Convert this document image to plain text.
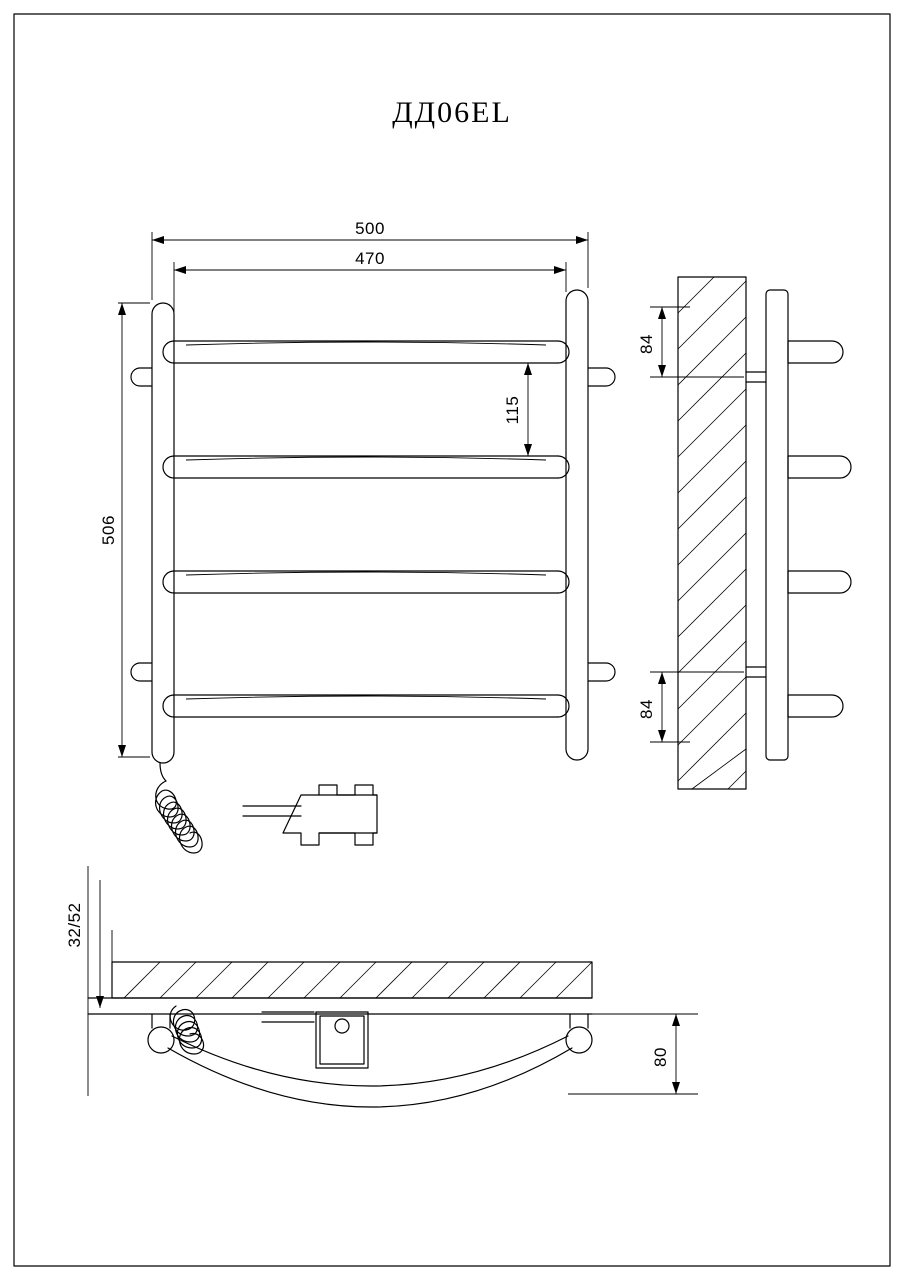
500
470
506
115
84
84
32/52
80
ДД06EL
